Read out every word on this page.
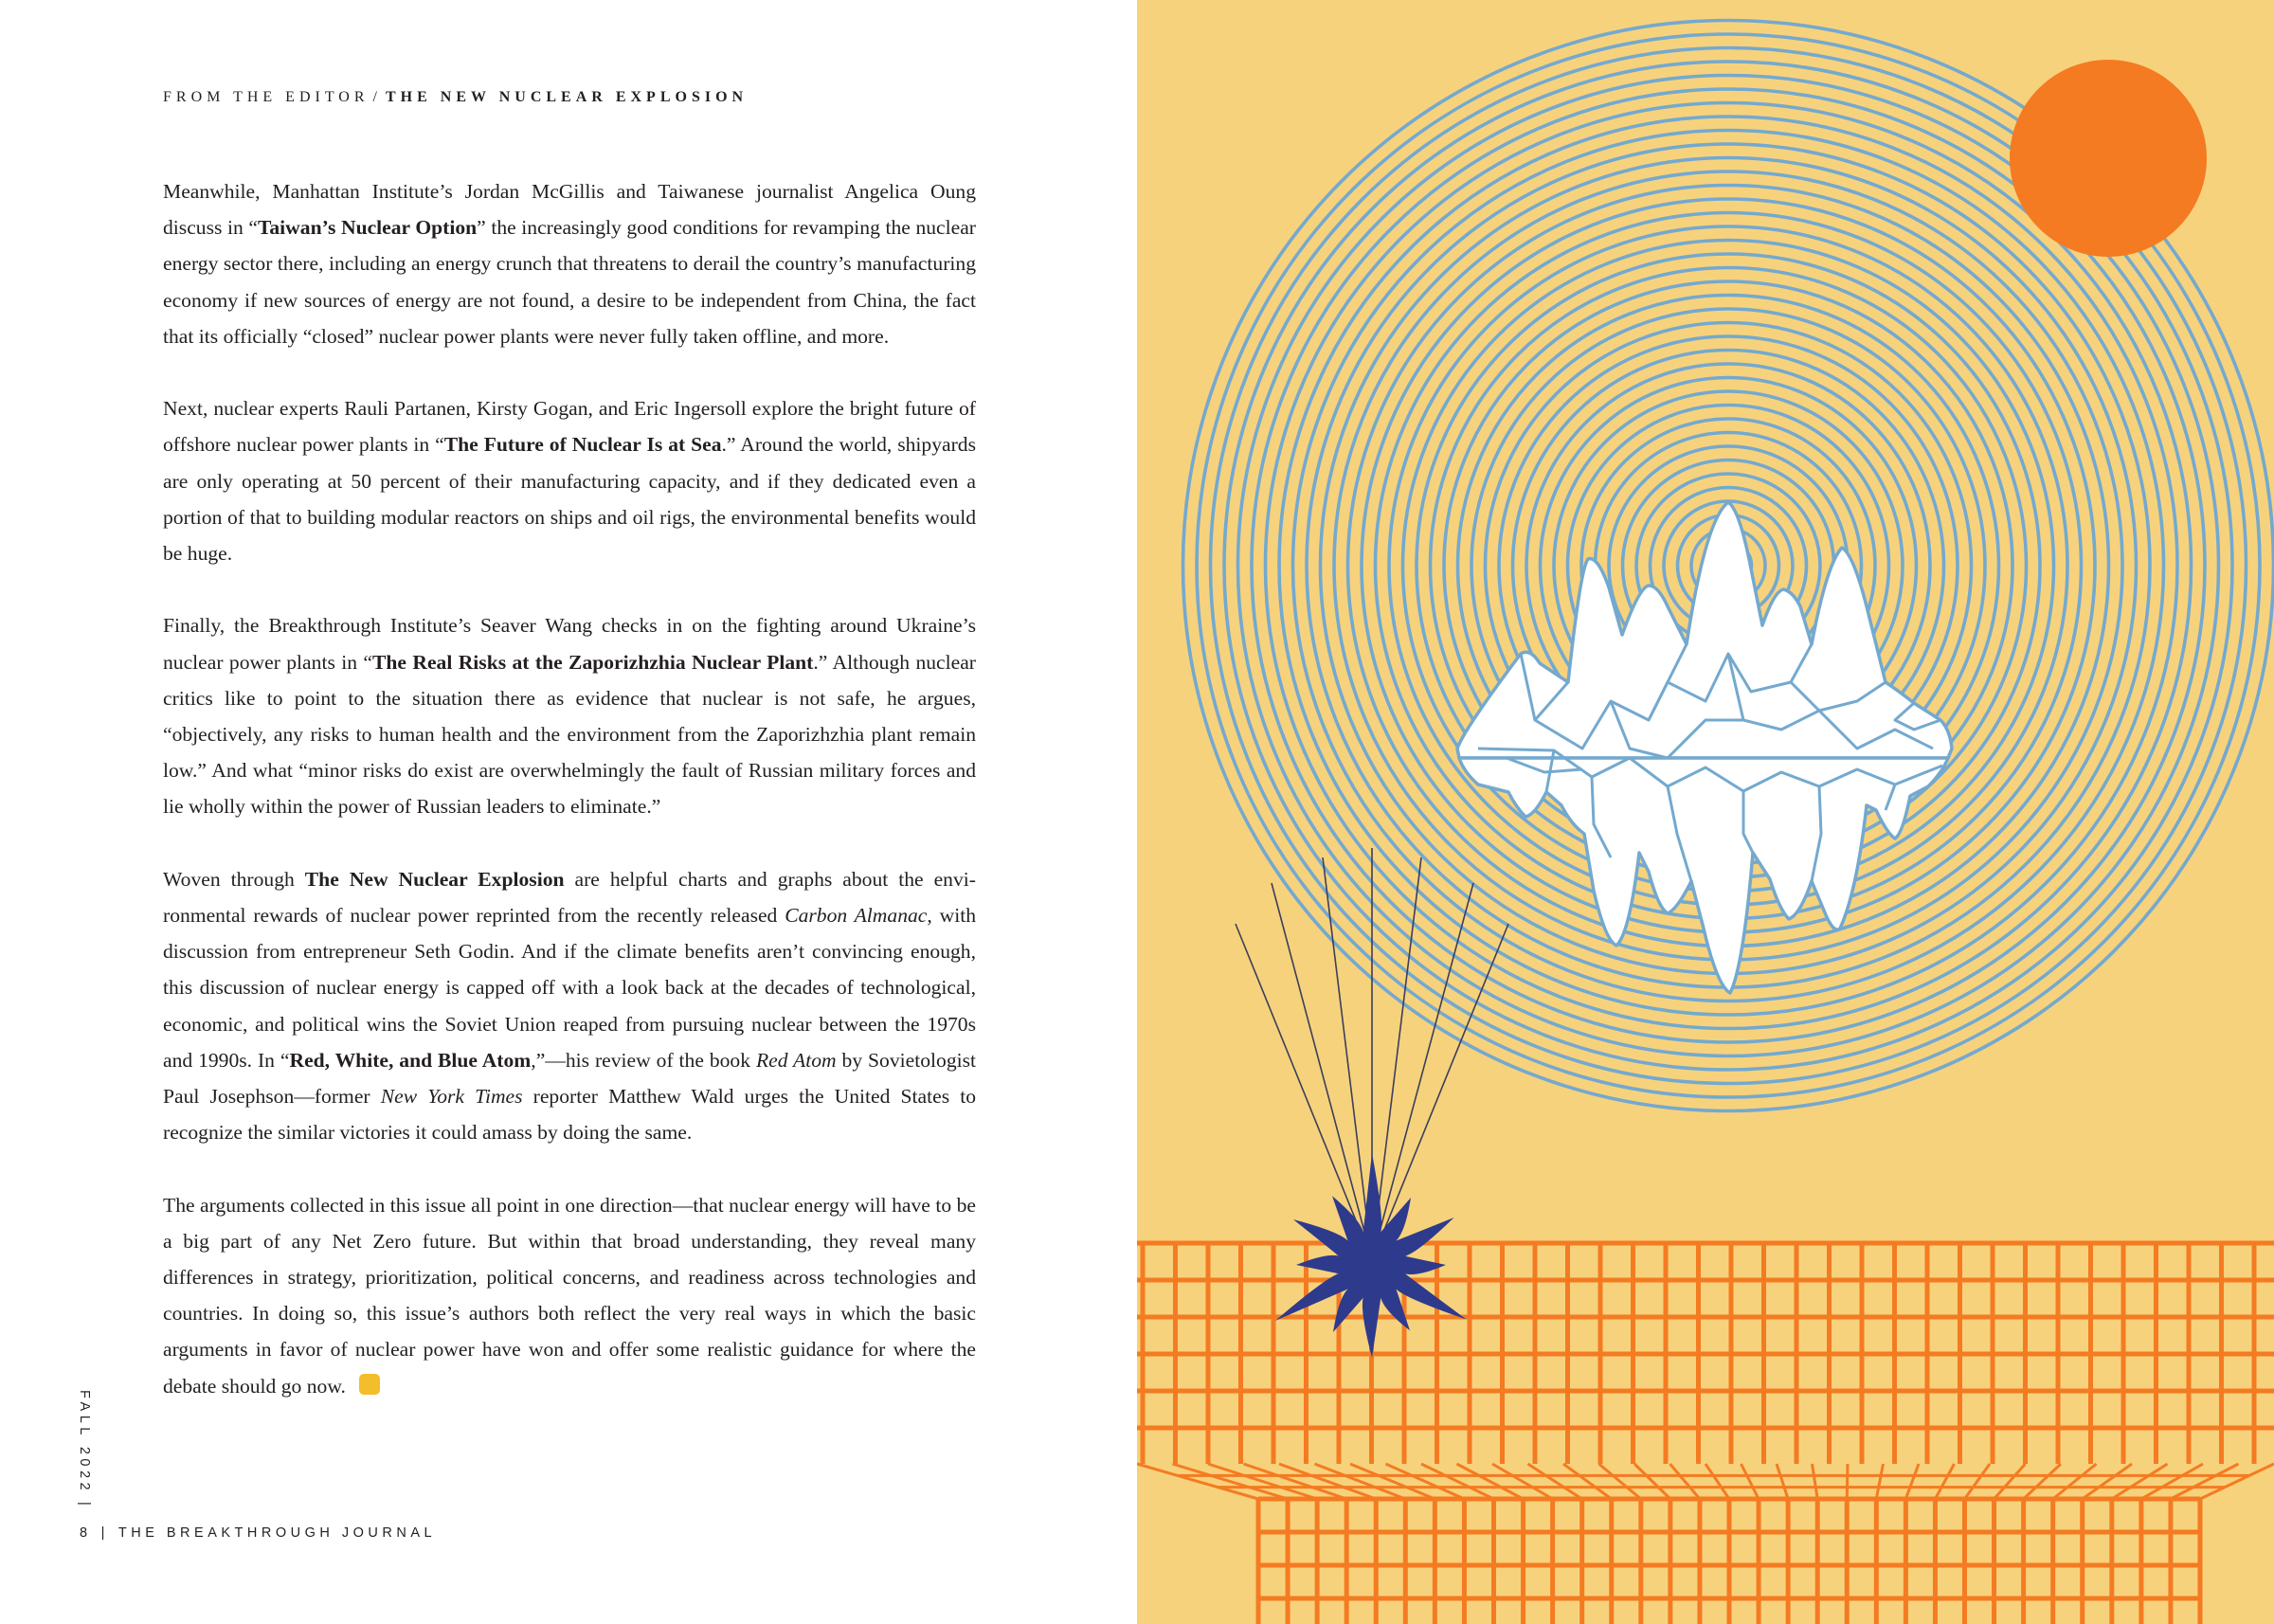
FROM THE EDITOR / THE NEW NUCLEAR EXPLOSION

Meanwhile, Manhattan Institute’s Jordan McGillis and Taiwanese journalist Angelica Oung discuss in “Taiwan’s Nuclear Option” the increasingly good conditions for revamping the nuclear energy sector there, including an energy crunch that threatens to derail the country’s manufacturing economy if new sources of energy are not found, a desire to be independent from China, the fact that its officially “closed” nuclear power plants were never fully taken offline, and more.

Next, nuclear experts Rauli Partanen, Kirsty Gogan, and Eric Ingersoll explore the bright future of offshore nuclear power plants in “The Future of Nuclear Is at Sea.” Around the world, shipyards are only operating at 50 percent of their manufacturing capacity, and if they dedicated even a portion of that to building modular reactors on ships and oil rigs, the environmental benefits would be huge.

Finally, the Breakthrough Institute’s Seaver Wang checks in on the fighting around Ukraine’s nuclear power plants in “The Real Risks at the Zaporizhzhia Nuclear Plant.” Although nuclear critics like to point to the situation there as evidence that nuclear is not safe, he argues, “objectively, any risks to human health and the environment from the Zaporizhzhia plant remain low.” And what “minor risks do exist are overwhelmingly the fault of Russian military forces and lie wholly within the power of Russian leaders to eliminate.”

Woven through The New Nuclear Explosion are helpful charts and graphs about the environmental rewards of nuclear power reprinted from the recently released Carbon Almanac, with discussion from entrepreneur Seth Godin. And if the climate benefits aren’t convincing enough, this discussion of nuclear energy is capped off with a look back at the decades of technological, economic, and political wins the Soviet Union reaped from pursuing nuclear between the 1970s and 1990s. In “Red, White, and Blue Atom,”—his review of the book Red Atom by Sovietologist Paul Josephson—former New York Times reporter Matthew Wald urges the United States to recognize the similar victories it could amass by doing the same.

The arguments collected in this issue all point in one direction—that nuclear energy will have to be a big part of any Net Zero future. But within that broad understanding, they reveal many differences in strategy, prioritization, political concerns, and readiness across technologies and countries. In doing so, this issue’s authors both reflect the very real ways in which the basic arguments in favor of nuclear power have won and offer some realistic guidance for where the debate should go now.

FALL 2022|
8 | THE BREAKTHROUGH JOURNAL
